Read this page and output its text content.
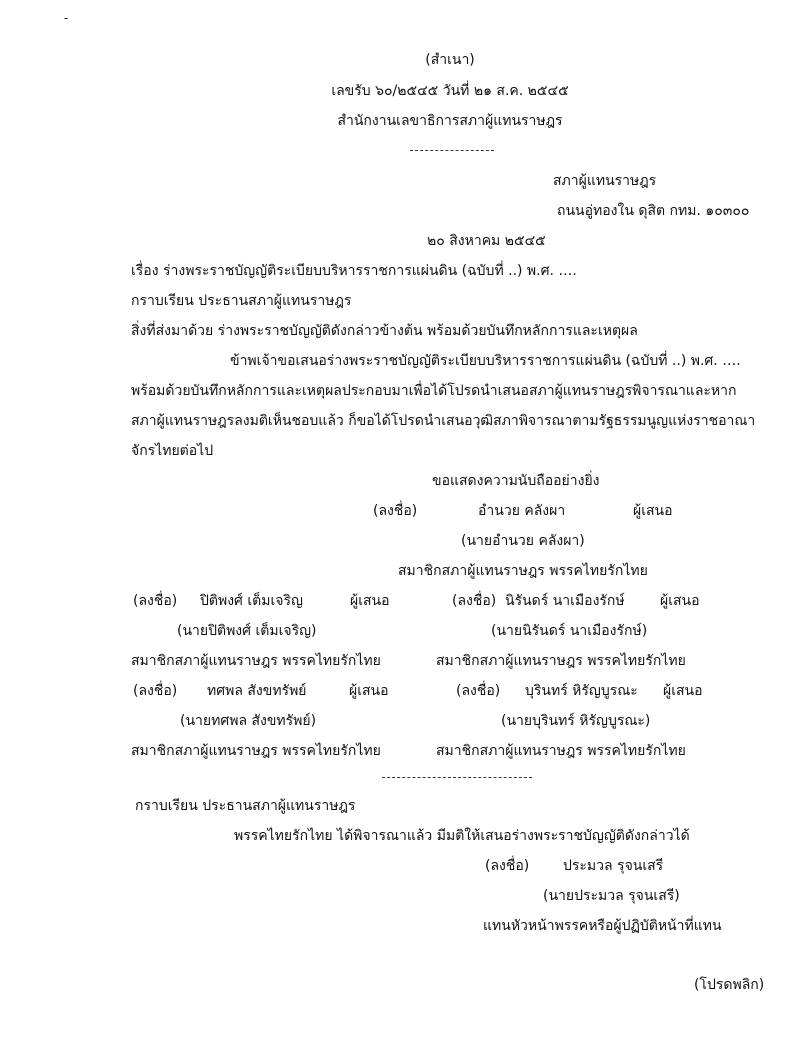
-
(สำเนา)
เลขรับ ๖๐/๒๕๔๕ วันที่ ๒๑ ส.ค. ๒๕๔๕
สำนักงานเลขาธิการสภาผู้แทนราษฎร
สภาผู้แทนราษฎร
ถนนอู่ทองใน ดุสิต กทม. ๑๐๓๐๐
๒๐ สิงหาคม ๒๕๔๕
เรื่อง ร่างพระราชบัญญัติระเบียบบริหารราชการแผ่นดิน (ฉบับที่ ..) พ.ศ. ….
กราบเรียน ประธานสภาผู้แทนราษฎร
สิ่งที่ส่งมาด้วย ร่างพระราชบัญญัติดังกล่าวข้างต้น พร้อมด้วยบันทึกหลักการและเหตุผล
ข้าพเจ้าขอเสนอร่างพระราชบัญญัติระเบียบบริหารราชการแผ่นดิน (ฉบับที่ ..) พ.ศ. ….
พร้อมด้วยบันทึกหลักการและเหตุผลประกอบมาเพื่อได้โปรดนำเสนอสภาผู้แทนราษฎรพิจารณาและหาก
สภาผู้แทนราษฎรลงมติเห็นชอบแล้ว ก็ขอได้โปรดนำเสนอวุฒิสภาพิจารณาตามรัฐธรรมนูญแห่งราชอาณา
จักรไทยต่อไป
ขอแสดงความนับถืออย่างยิ่ง
(ลงชื่อ)	อำนวย คลังผา	ผู้เสนอ
(นายอำนวย คลังผา)
สมาชิกสภาผู้แทนราษฎร พรรคไทยรักไทย
(ลงชื่อ) ปิติพงศ์ เต็มเจริญ	ผู้เสนอ	(ลงชื่อ) นิรันดร์ นาเมืองรักษ์	ผู้เสนอ
(นายปิติพงศ์ เต็มเจริญ)	(นายนิรันดร์ นาเมืองรักษ์)
สมาชิกสภาผู้แทนราษฎร พรรคไทยรักไทย	สมาชิกสภาผู้แทนราษฎร พรรคไทยรักไทย
(ลงชื่อ) ทศพล สังขทรัพย์	ผู้เสนอ	(ลงชื่อ) บุรินทร์ หิรัญบูรณะ ผู้เสนอ
(นายทศพล สังขทรัพย์)	(นายบุรินทร์ หิรัญบูรณะ)
สมาชิกสภาผู้แทนราษฎร พรรคไทยรักไทย	สมาชิกสภาผู้แทนราษฎร พรรคไทยรักไทย
กราบเรียน ประธานสภาผู้แทนราษฎร
พรรคไทยรักไทย ได้พิจารณาแล้ว มีมติให้เสนอร่างพระราชบัญญัติดังกล่าวได้
(ลงชื่อ) ประมวล รุจนเสรี
(นายประมวล รุจนเสรี)
แทนหัวหน้าพรรคหรือผู้ปฏิบัติหน้าที่แทน
(โปรดพลิก)
